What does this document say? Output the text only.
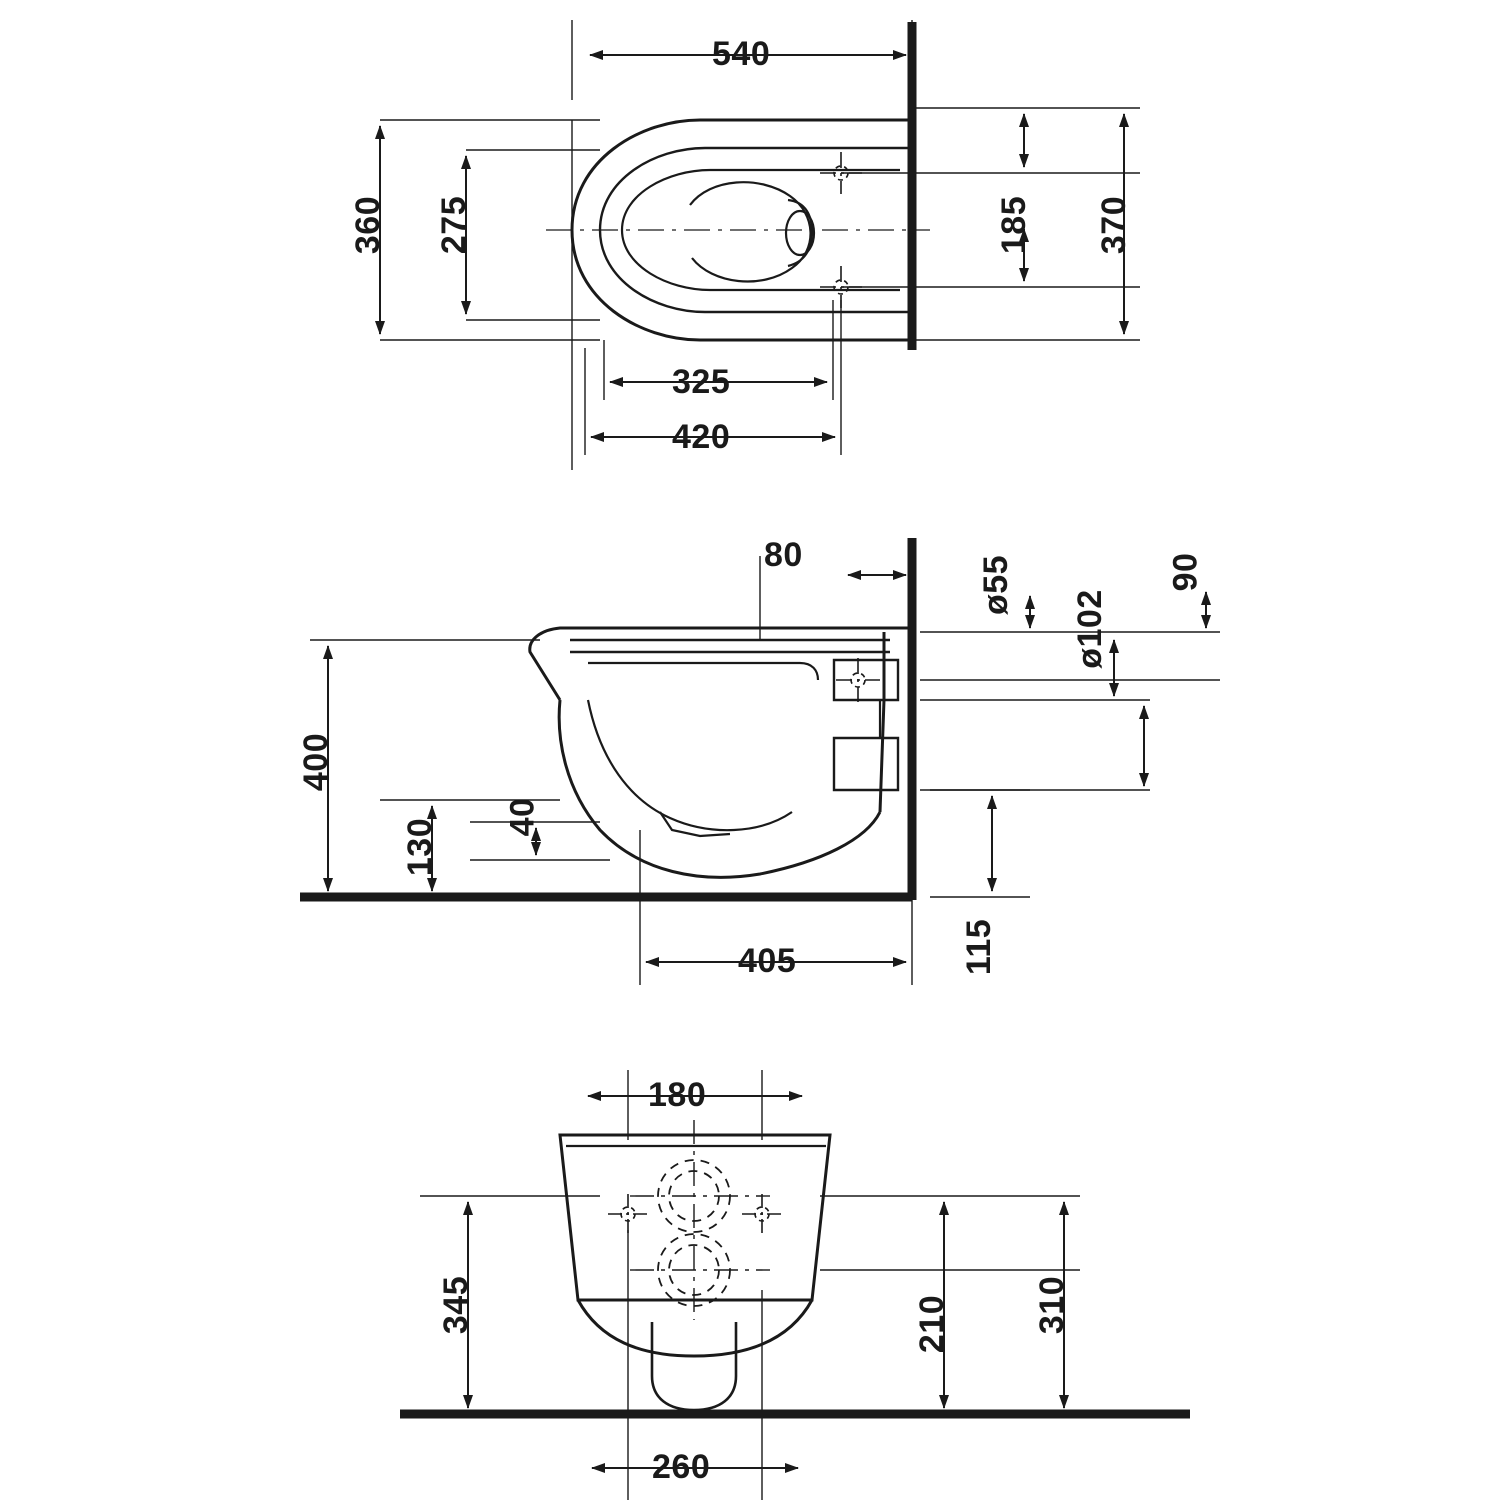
540
360 275	185 370
325
420
80	ø55
ø102
90
400
130
40
405	115
180
345	210 310
260
